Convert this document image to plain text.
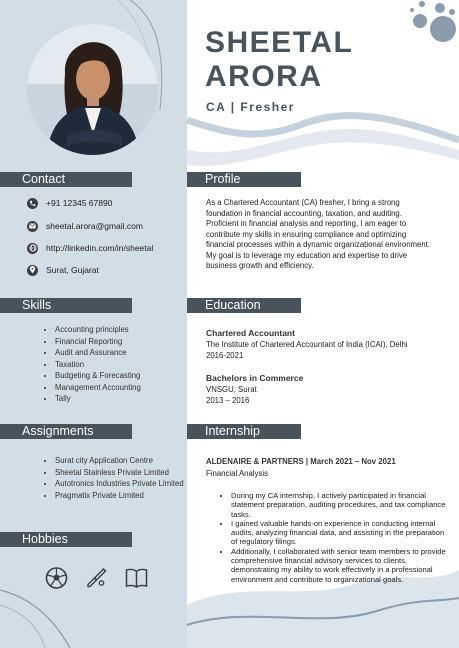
SHEETAL
ARORA
CA | Fresher
Contact
+91 12345 67890
sheetal.arora@gmail.com
http://linkedin.com/in/sheetal
Surat, Gujarat
Skills
• Accounting principles
• Financial Reporting
• Audit and Assurance
• Taxation
• Budgeting & Forecasting
• Management Accounting
• Tally
Assignments
• Surat city Application Centre
• Sheetal Stainless Private Limited
• Autotronics Industries Private Limited
• Pragmatix Private Limited
Hobbies
Profile
As a Chartered Accountant (CA) fresher, I bring a strong foundation in financial accounting, taxation, and auditing. Proficient in financial analysis and reporting, I am eager to contribute my skills in ensuring compliance and optimizing financial processes within a dynamic organizational environment. My goal is to leverage my education and expertise to drive business growth and efficiency.
Education
Chartered Accountant
The Institute of Chartered Accountant of India (ICAI), Delhi
2016-2021
Bachelors in Commerce
VNSGU, Surat
2013 – 2016
Internship
ALDENAIRE & PARTNERS | March 2021 – Nov 2021
Financial Analysis
• During my CA internship, I actively participated in financial statement preparation, auditing procedures, and tax compliance tasks.
• I gained valuable hands-on experience in conducting internal audits, analyzing financial data, and assisting in the preparation of regulatory filings.
• Additionally, I collaborated with senior team members to provide comprehensive financial advisory services to clients, demonstrating my ability to work effectively in a professional environment and contribute to organizational goals.
